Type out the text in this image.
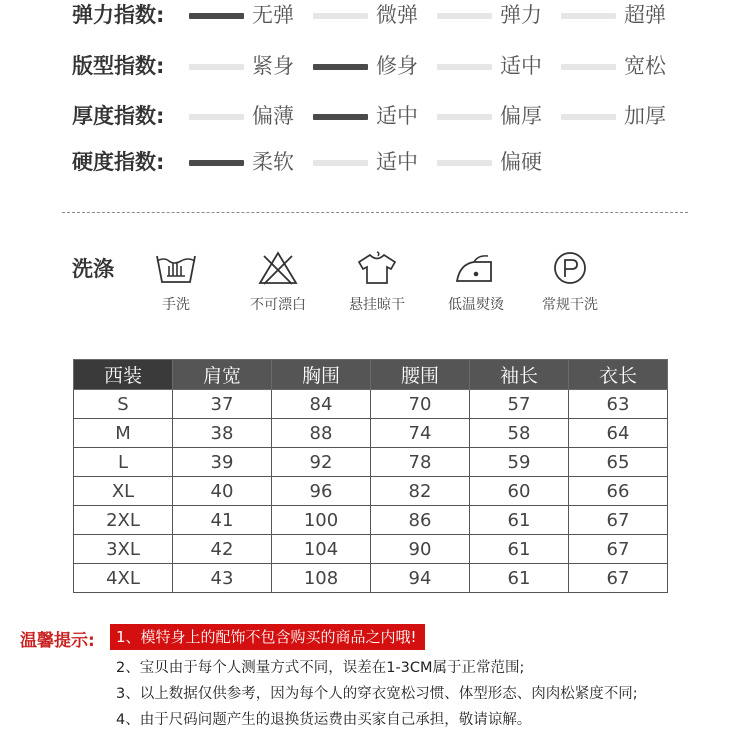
弹力指数:	无弹	微弹	弹力	超弹
版型指数:	紧身	修身	适中	宽松
厚度指数:	偏薄	适中	偏厚	加厚
硬度指数:	柔软	适中	偏硬
洗涤
手洗	不可漂白	悬挂晾干	低温熨烫	常规干洗
西装	肩宽	胸围	腰围	袖长	衣长
S	37	84	70	57	63
M	38	88	74	58	64
L	39	92	78	59	65
XL	40	96	82	60	66
2XL	41	100	86	61	67
3XL	42	104	90	61	67
4XL	43	108	94	61	67
温馨提示:	1、模特身上的配饰不包含购买的商品之内哦!
2、宝贝由于每个人测量方式不同，误差在1-3CM属于正常范围;
3、以上数据仅供参考，因为每个人的穿衣宽松习惯、体型形态、肉肉松紧度不同;
4、由于尺码问题产生的退换货运费由买家自己承担，敬请谅解。
